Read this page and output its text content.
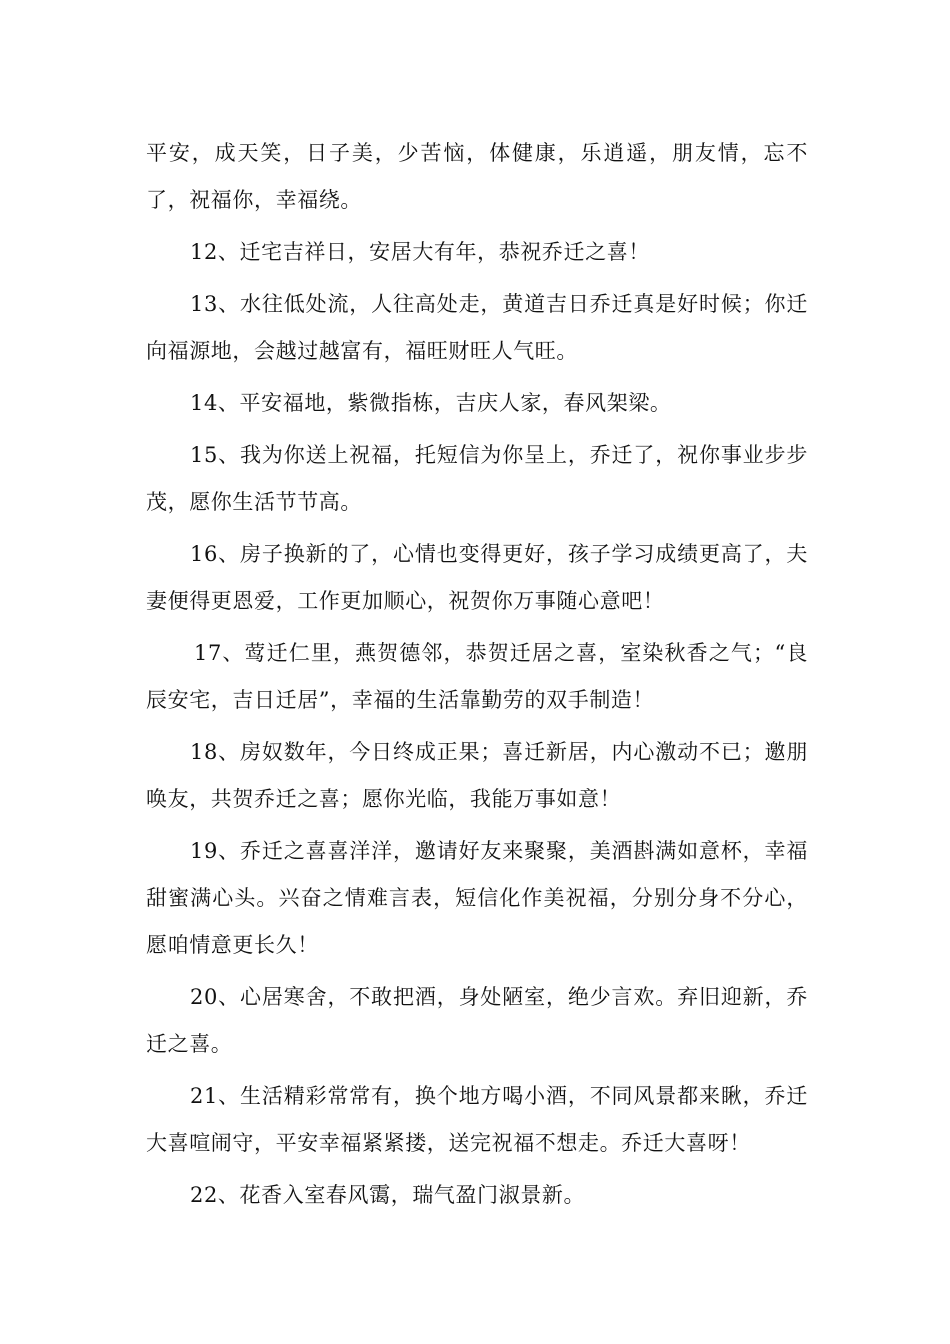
平安，成天笑，日子美，少苦恼，体健康，乐逍遥，朋友情，忘不了，祝福你，幸福绕。

12、迁宅吉祥日，安居大有年，恭祝乔迁之喜！

13、水往低处流，人往高处走，黄道吉日乔迁真是好时候；你迁向福源地，会越过越富有，福旺财旺人气旺。

14、平安福地，紫微指栋，吉庆人家，春风架梁。

15、我为你送上祝福，托短信为你呈上，乔迁了，祝你事业步步茂，愿你生活节节高。

16、房子换新的了，心情也变得更好，孩子学习成绩更高了，夫妻便得更恩爱，工作更加顺心，祝贺你万事随心意吧！

17、莺迁仁里，燕贺德邻，恭贺迁居之喜，室染秋香之气；“良辰安宅，吉日迁居”，幸福的生活靠勤劳的双手制造！

18、房奴数年，今日终成正果；喜迁新居，内心激动不已；邀朋唤友，共贺乔迁之喜；愿你光临，我能万事如意！

19、乔迁之喜喜洋洋，邀请好友来聚聚，美酒斟满如意杯，幸福甜蜜满心头。兴奋之情难言表，短信化作美祝福，分别分身不分心，愿咱情意更长久！

20、心居寒舍，不敢把酒，身处陋室，绝少言欢。弃旧迎新，乔迁之喜。

21、生活精彩常常有，换个地方喝小酒，不同风景都来瞅，乔迁大喜喧闹守，平安幸福紧紧搂，送完祝福不想走。乔迁大喜呀！

22、花香入室春风霭，瑞气盈门淑景新。
